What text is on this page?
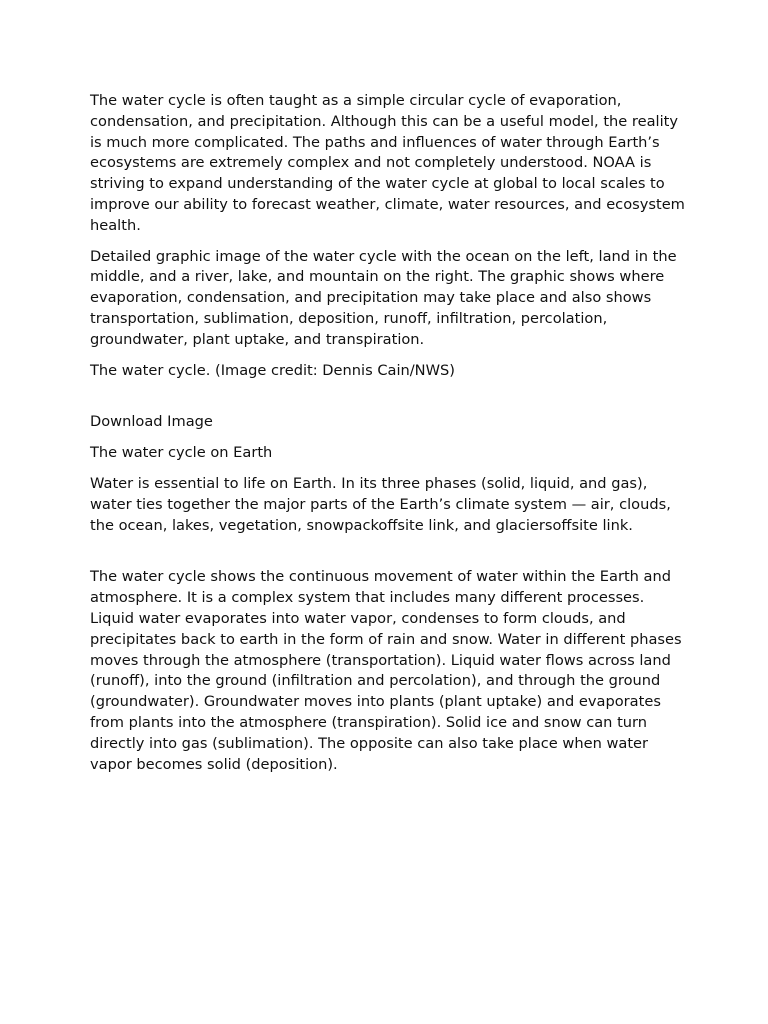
The water cycle is often taught as a simple circular cycle of evaporation, condensation, and precipitation. Although this can be a useful model, the reality is much more complicated. The paths and influences of water through Earth’s ecosystems are extremely complex and not completely understood. NOAA is striving to expand understanding of the water cycle at global to local scales to improve our ability to forecast weather, climate, water resources, and ecosystem health.

Detailed graphic image of the water cycle with the ocean on the left, land in the middle, and a river, lake, and mountain on the right. The graphic shows where evaporation, condensation, and precipitation may take place and also shows transportation, sublimation, deposition, runoff, infiltration, percolation, groundwater, plant uptake, and transpiration.

The water cycle. (Image credit: Dennis Cain/NWS)

Download Image

The water cycle on Earth

Water is essential to life on Earth. In its three phases (solid, liquid, and gas), water ties together the major parts of the Earth’s climate system — air, clouds, the ocean, lakes, vegetation, snowpackoffsite link, and glaciersoffsite link.

The water cycle shows the continuous movement of water within the Earth and atmosphere. It is a complex system that includes many different processes. Liquid water evaporates into water vapor, condenses to form clouds, and precipitates back to earth in the form of rain and snow. Water in different phases moves through the atmosphere (transportation). Liquid water flows across land (runoff), into the ground (infiltration and percolation), and through the ground (groundwater). Groundwater moves into plants (plant uptake) and evaporates from plants into the atmosphere (transpiration). Solid ice and snow can turn directly into gas (sublimation). The opposite can also take place when water vapor becomes solid (deposition).
